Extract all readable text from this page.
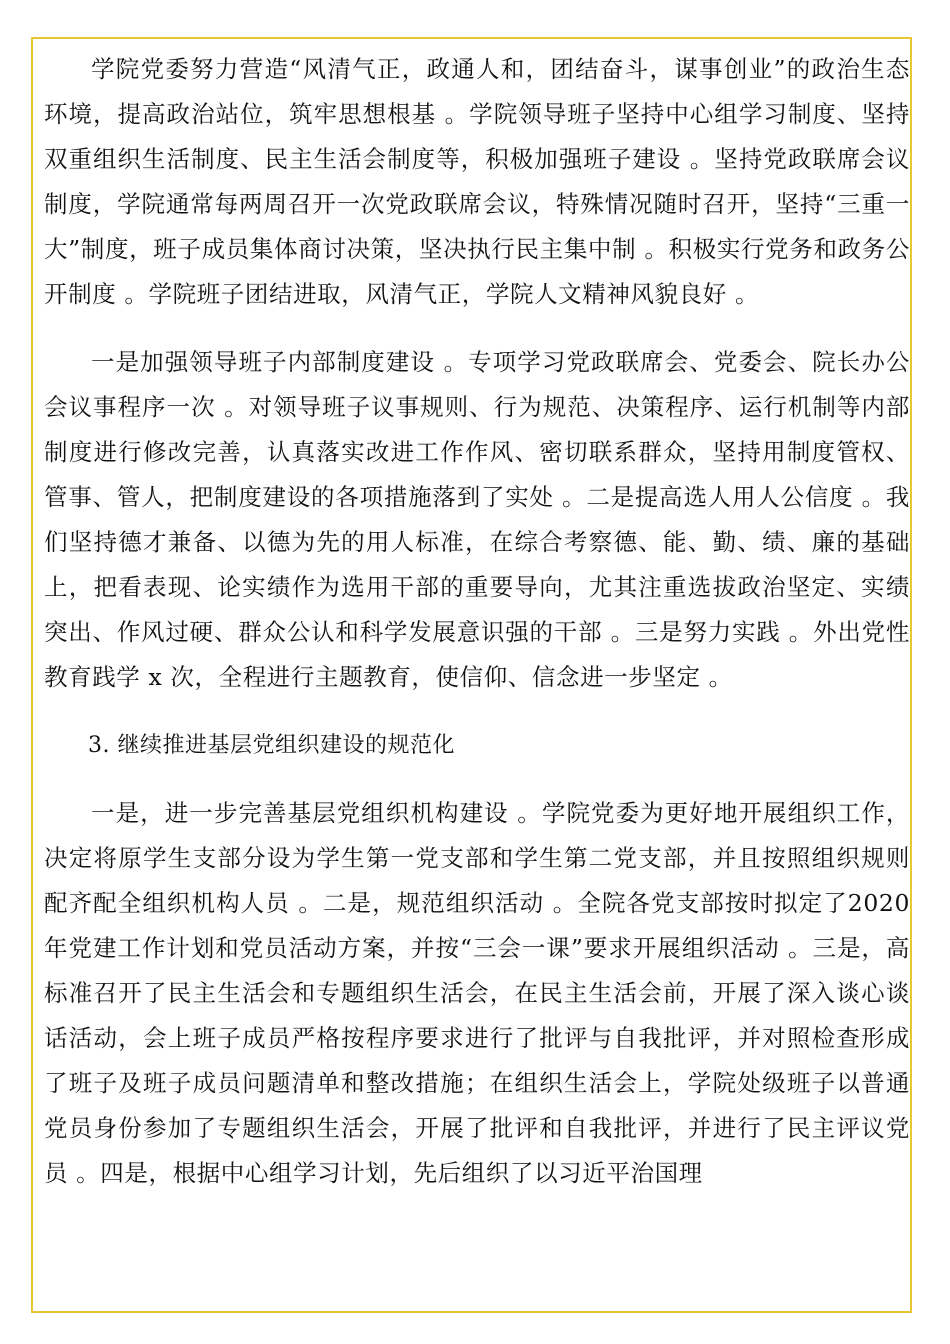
学院党委努力营造“风清气正，政通人和，团结奋斗，谋事创业”的政治生态环境，提高政治站位，筑牢思想根基 。学院领导班子坚持中心组学习制度、坚持双重组织生活制度、民主生活会制度等，积极加强班子建设 。坚持党政联席会议制度，学院通常每两周召开一次党政联席会议，特殊情况随时召开，坚持“三重一大”制度，班子成员集体商讨决策，坚决执行民主集中制 。积极实行党务和政务公开制度 。学院班子团结进取，风清气正，学院人文精神风貌良好 。

一是加强领导班子内部制度建设 。专项学习党政联席会、党委会、院长办公会议事程序一次 。对领导班子议事规则、行为规范、决策程序、运行机制等内部制度进行修改完善，认真落实改进工作作风、密切联系群众，坚持用制度管权、管事、管人，把制度建设的各项措施落到了实处 。二是提高选人用人公信度 。我们坚持德才兼备、以德为先的用人标准，在综合考察德、能、勤、绩、廉的基础上，把看表现、论实绩作为选用干部的重要导向，尤其注重选拔政治坚定、实绩突出、作风过硬、群众公认和科学发展意识强的干部 。三是努力实践 。外出党性教育践学 x 次，全程进行主题教育，使信仰、信念进一步坚定 。

3. 继续推进基层党组织建设的规范化

一是，进一步完善基层党组织机构建设 。学院党委为更好地开展组织工作，决定将原学生支部分设为学生第一党支部和学生第二党支部，并且按照组织规则配齐配全组织机构人员 。二是，规范组织活动 。全院各党支部按时拟定了2020 年党建工作计划和党员活动方案，并按“三会一课”要求开展组织活动 。三是，高标准召开了民主生活会和专题组织生活会，在民主生活会前，开展了深入谈心谈话活动，会上班子成员严格按程序要求进行了批评与自我批评，并对照检查形成了班子及班子成员问题清单和整改措施；在组织生活会上，学院处级班子以普通党员身份参加了专题组织生活会，开展了批评和自我批评，并进行了民主评议党员 。四是，根据中心组学习计划，先后组织了以习近平治国理
